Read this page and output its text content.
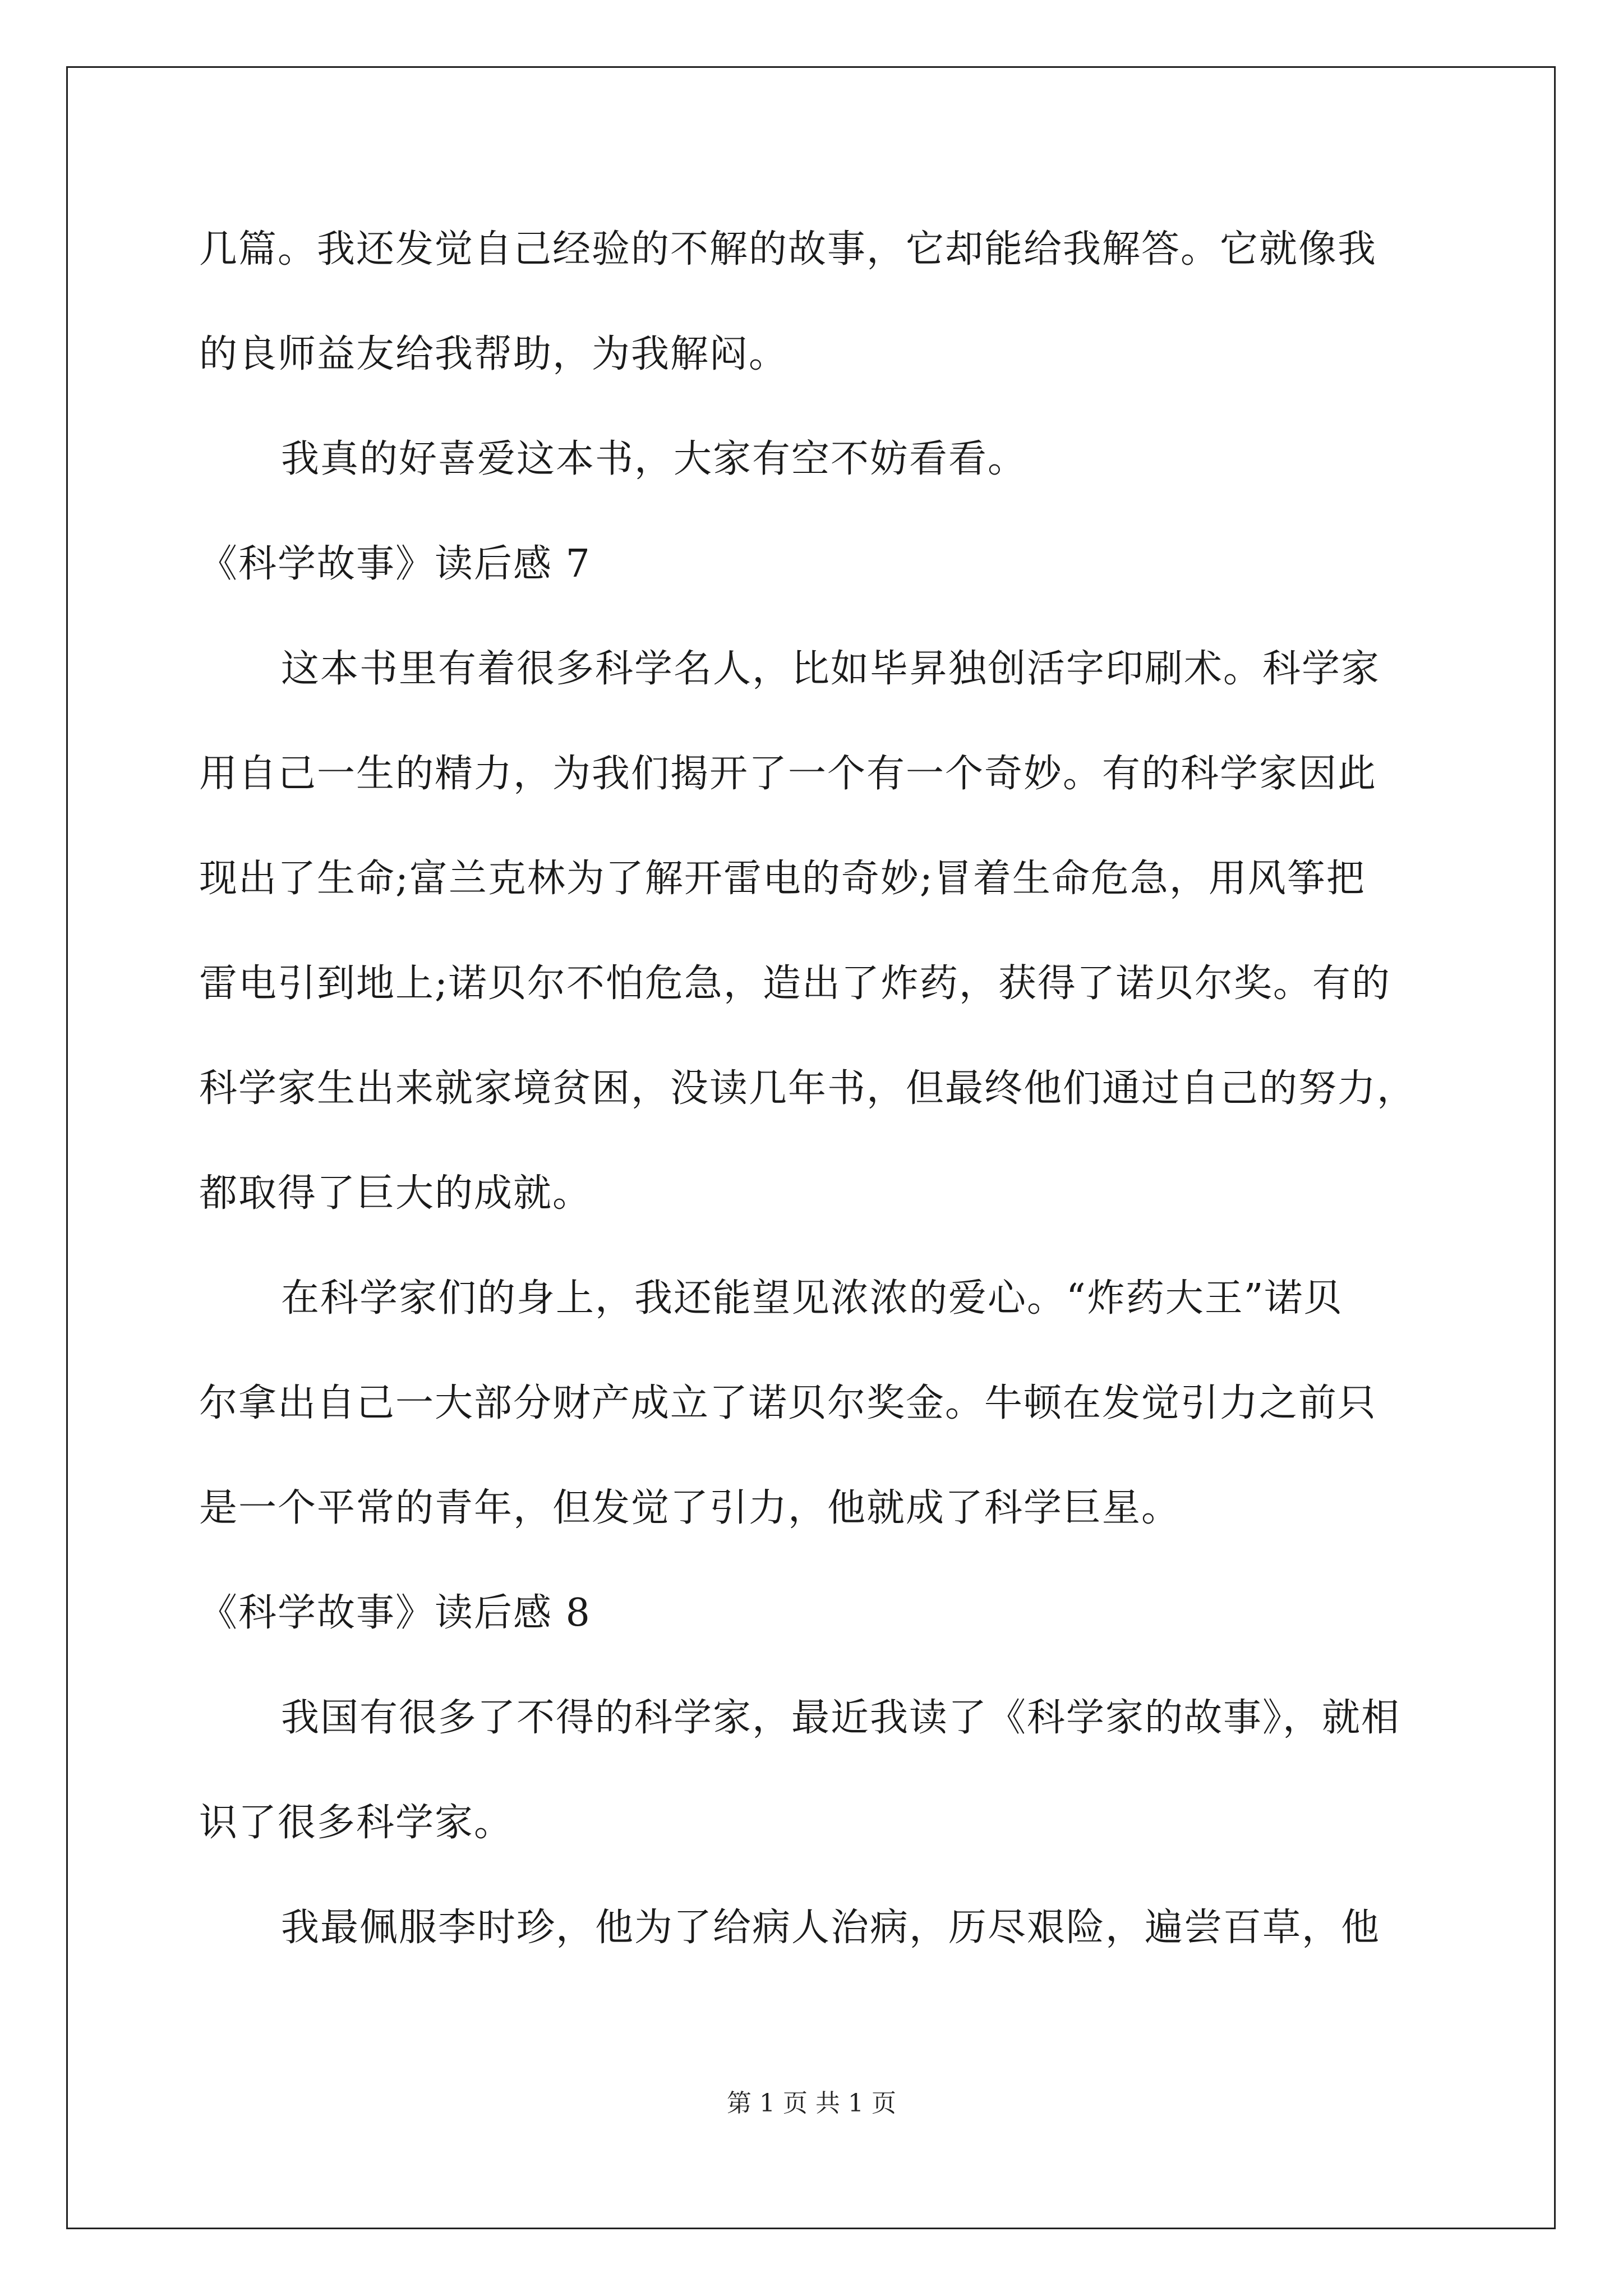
几篇。我还发觉自己经验的不解的故事，它却能给我解答。它就像我
的良师益友给我帮助，为我解闷。
我真的好喜爱这本书，大家有空不妨看看。
《科学故事》读后感 7
这本书里有着很多科学名人，比如毕昇独创活字印刷术。科学家
用自己一生的精力，为我们揭开了一个有一个奇妙。有的科学家因此
现出了生命;富兰克林为了解开雷电的奇妙;冒着生命危急，用风筝把
雷电引到地上;诺贝尔不怕危急，造出了炸药，获得了诺贝尔奖。有的
科学家生出来就家境贫困，没读几年书，但最终他们通过自己的努力，
都取得了巨大的成就。
在科学家们的身上，我还能望见浓浓的爱心。“炸药大王”诺贝
尔拿出自己一大部分财产成立了诺贝尔奖金。牛顿在发觉引力之前只
是一个平常的青年，但发觉了引力，他就成了科学巨星。
《科学故事》读后感 8
我国有很多了不得的科学家，最近我读了《科学家的故事》，就相
识了很多科学家。
我最佩服李时珍，他为了给病人治病，历尽艰险，遍尝百草，他
第 1 页 共 1 页
